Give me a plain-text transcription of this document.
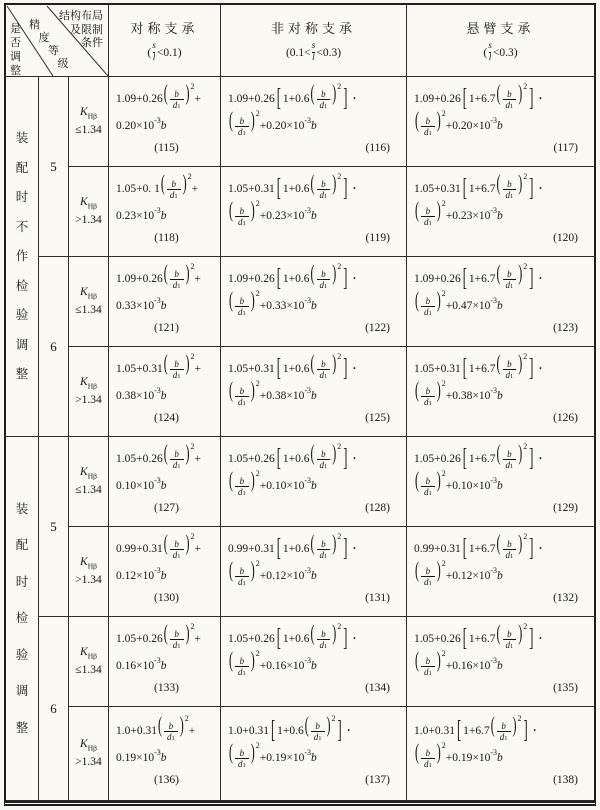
是
否
调
整
精
度
等
级
结构布局
及限制
条件
对称支承
( $\frac{s}{l} <0.1$)
非对称支承
$(0.1< \frac{s}{l} <0.3)$
悬臂支承
( $\frac{s}{l} <0.3$)
装
配
时
不
作
检
验
调
整
5
$K_{H\beta}$
≤1.34
1.09+0.26 ( $\frac{b}{d1} )^2$
+
0.20×10 -3 b
(115)
1.09+0.26 [ 1+0.6 ( $\frac{b}{d1} )^2$ ] ·
( $\frac{b}{d1} )^2$
+ 0.20×10 -3 b
(116)
1.09+0.26 [ 1+6.7 ( $\frac{b}{d1} )^2$ ] ·
( $\frac{b}{d1} )^2$
+ 0.20×10 -3 b
(117)
$K_{H\beta}$
>1.34
1.05+0. 1 ( $\frac{b}{d1} )^2$
+
0.23×10 -3 b
(118)
1.05+0.31 [ 1+0.6 ( $\frac{b}{d1} )^2$ ] ·
( $\frac{b}{d1} )^2$
+ 0.23×10 -3 b
(119)
1.05+0.31 [ 1+6.7 ( $\frac{b}{d1} )^2$ ] ·
( $\frac{b}{d1} )^2$
+ 0.23×10 -3 b
(120)
6
$K_{H\beta}$
≤1.34
1.09+0.26 ( $\frac{b}{d1} )^2$
+
0.33×10 -3 b
(121)
1.09+0.26 [ 1+0.6 ( $\frac{b}{d1} )^2$ ] ·
( $\frac{b}{d1} )^2$
+ 0.33×10 -3 b
(122)
1.09+0.26 [ 1+6.7 ( $\frac{b}{d1} )^2$ ] ·
( $\frac{b}{d1} )^2$
+ 0.47×10 -3 b
(123)
$K_{H\beta}$
>1.34
1.05+0.31 ( $\frac{b}{d1} )^2$
+
0.38×10 -3 b
(124)
1.05+0.31 [ 1+0.6 ( $\frac{b}{d1} )^2$ ] ·
( $\frac{b}{d1} )^2$
+ 0.38×10 -3 b
(125)
1.05+0.31 [ 1+6.7 ( $\frac{b}{d1} )^2$ ] ·
( $\frac{b}{d1} )^2$
+ 0.38×10 -3 b
(126)
装
配
时
检
验
调
整
5
$K_{H\beta}$
≤1.34
1.05+0.26 ( $\frac{b}{d1} )^2$
+
0.10×10 -3 b
(127)
1.05+0.26 [ 1+0.6 ( $\frac{b}{d1} )^2$ ] ·
( $\frac{b}{d1} )^2$
+ 0.10×10 -3 b
(128)
1.05+0.26 [ 1+6.7 ( $\frac{b}{d1} )^2$ ] ·
( $\frac{b}{d1} )^2$
+ 0.10×10 -3 b
(129)
$K_{H\beta}$
>1.34
0.99+0.31 ( $\frac{b}{d1} )^2$
+
0.12×10 -3 b
(130)
0.99+0.31 [ 1+0.6 ( $\frac{b}{d1} )^2$ ] ·
( $\frac{b}{d1} )^2$
+ 0.12×10 -3 b
(131)
0.99+0.31 [ 1+6.7 ( $\frac{b}{d1} )^2$ ] ·
( $\frac{b}{d1} )^2$
+ 0.12×10 -3 b
(132)
6
$K_{H\beta}$
≤1.34
1.05+0.26 ( $\frac{b}{d1} )^2$
+
0.16×10 -3 b
(133)
1.05+0.26 [ 1+0.6 ( $\frac{b}{d1} )^2$ ] ·
( $\frac{b}{d1} )^2$
+ 0.16×10 -3 b
(134)
1.05+0.26 [ 1+6.7 ( $\frac{b}{d1} )^2$ ] ·
( $\frac{b}{d1} )^2$
+ 0.16×10 -3 b
(135)
$K_{H\beta}$
>1.34
1.0+0.31 ( $\frac{b}{d1} )^2$
+
0.19×10 -3 b
(136)
1.0+0.31 [ 1+0.6 ( $\frac{b}{d1} )^2$ ] ·
( $\frac{b}{d1} )^2$
+ 0.19×10 -3 b
(137)
1.0+0.31 [ 1+6.7 ( $\frac{b}{d1} )^2$ ] ·
( $\frac{b}{d1} )^2$
+ 0.19×10 -3 b
(138)
